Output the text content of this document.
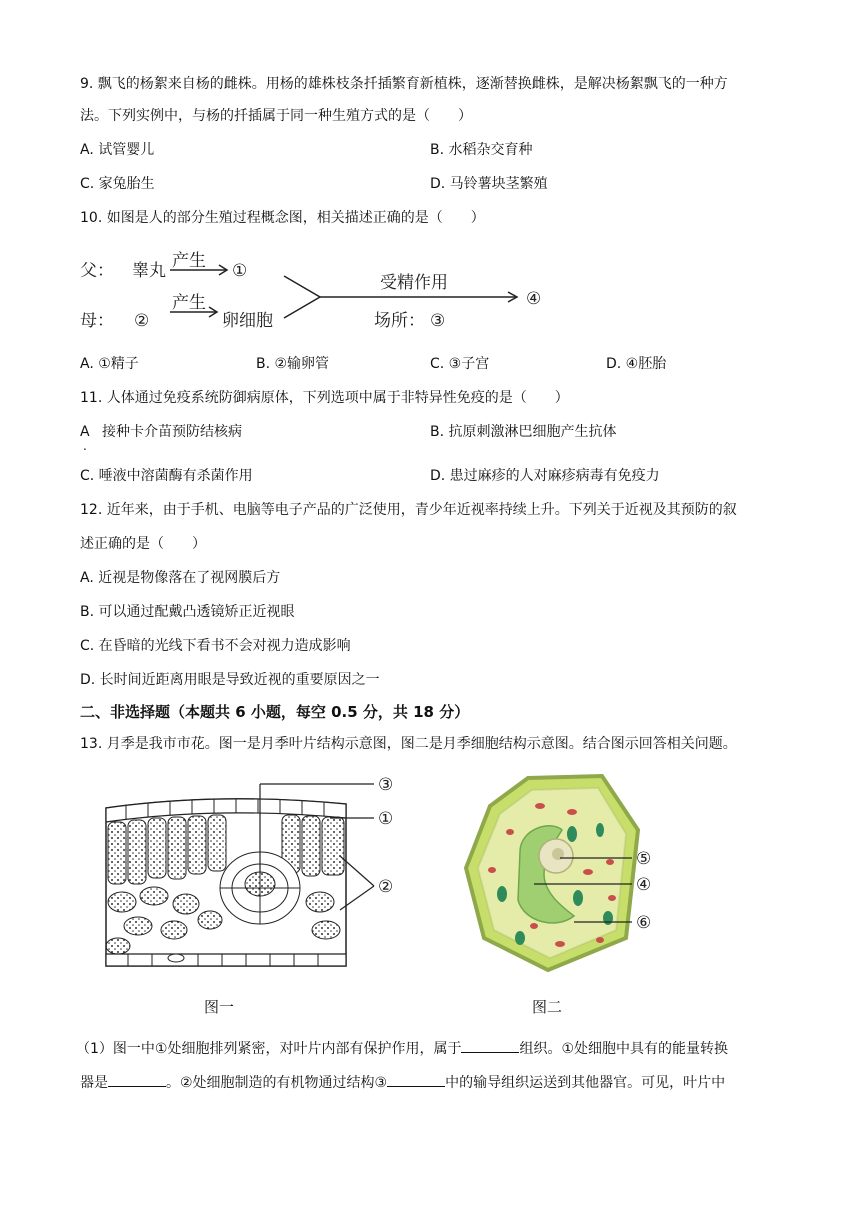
9. 飘飞的杨絮来自杨的雌株。用杨的雄株枝条扦插繁育新植株，逐渐替换雌株，是解决杨絮飘飞的一种方
法。下列实例中，与杨的扦插属于同一种生殖方式的是（　　）
A. 试管婴儿	B. 水稻杂交育种
C. 家兔胎生	D. 马铃薯块茎繁殖
10. 如图是人的部分生殖过程概念图，相关描述正确的是（　　）
父： 睾丸 产生 ①
母： ②
产生
卵细胞
受精作用
场所： ③
④
A. ①精子	B. ②输卵管	C. ③子宫	D. ④胚胎
11. 人体通过免疫系统防御病原体，下列选项中属于非特异性免疫的是（　　）
A
.
接种卡介苗预防结核病	B. 抗原刺激淋巴细胞产生抗体
C. 唾液中溶菌酶有杀菌作用	D. 患过麻疹的人对麻疹病毒有免疫力
12. 近年来，由于手机、电脑等电子产品的广泛使用，青少年近视率持续上升。下列关于近视及其预防的叙
述正确的是（　　）
A. 近视是物像落在了视网膜后方
B. 可以通过配戴凸透镜矫正近视眼
C. 在昏暗的光线下看书不会对视力造成影响
D. 长时间近距离用眼是导致近视的重要原因之一
二、非选择题（本题共 6 小题，每空 0.5 分，共 18 分）
13. 月季是我市市花。图一是月季叶片结构示意图，图二是月季细胞结构示意图。结合图示回答相关问题。
③
①
②
图一
⑤
④
⑥
图二
（1）图一中①处细胞排列紧密，对叶片内部有保护作用，属于	组织。①处细胞中具有的能量转换
器是	。②处细胞制造的有机物通过结构③	中的输导组织运送到其他器官。可见，叶片中
